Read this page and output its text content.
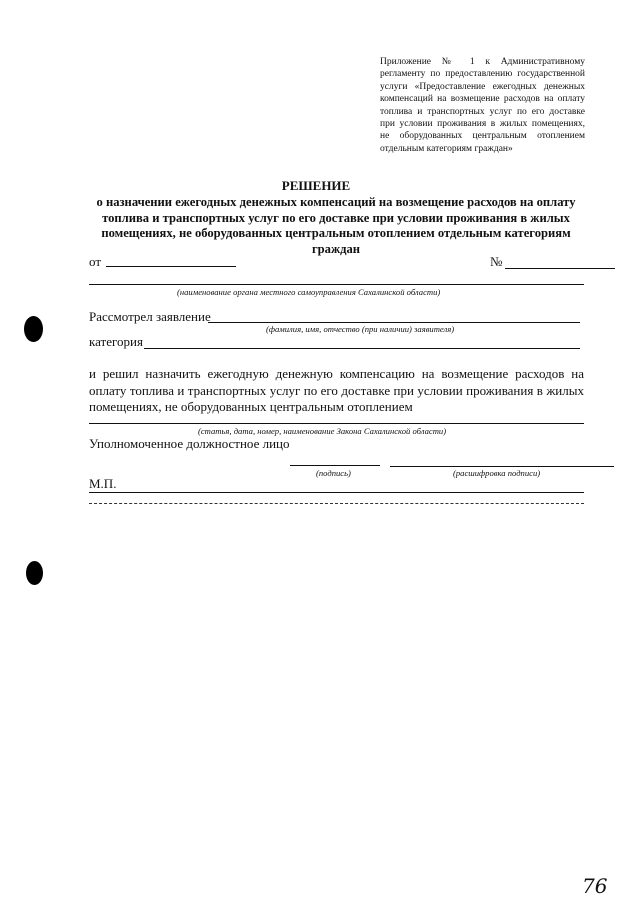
Приложение № 1 к Административному регламенту по предоставлению государственной услуги «Предоставление ежегодных денежных компенсаций на возмещение расходов на оплату топлива и транспортных услуг по его доставке при условии проживания в жилых помещениях, не оборудованных центральным отоплением отдельным категориям граждан»
РЕШЕНИЕ
о назначении ежегодных денежных компенсаций на возмещение расходов на оплату топлива и транспортных услуг по его доставке при условии проживания в жилых помещениях, не оборудованных центральным отоплением отдельным категориям граждан
от	№
(наименование органа местного самоуправления Сахалинской области)
Рассмотрел заявление
(фамилия, имя, отчество (при наличии) заявителя)
категория
и решил назначить ежегодную денежную компенсацию на возмещение расходов на оплату топлива и транспортных услуг по его доставке при условии проживания в жилых помещениях, не оборудованных центральным отоплением
(статья, дата, номер, наименование Закона Сахалинской области)
Уполномоченное должностное лицо
(подпись)	(расшифровка подписи)
М.П.
76
